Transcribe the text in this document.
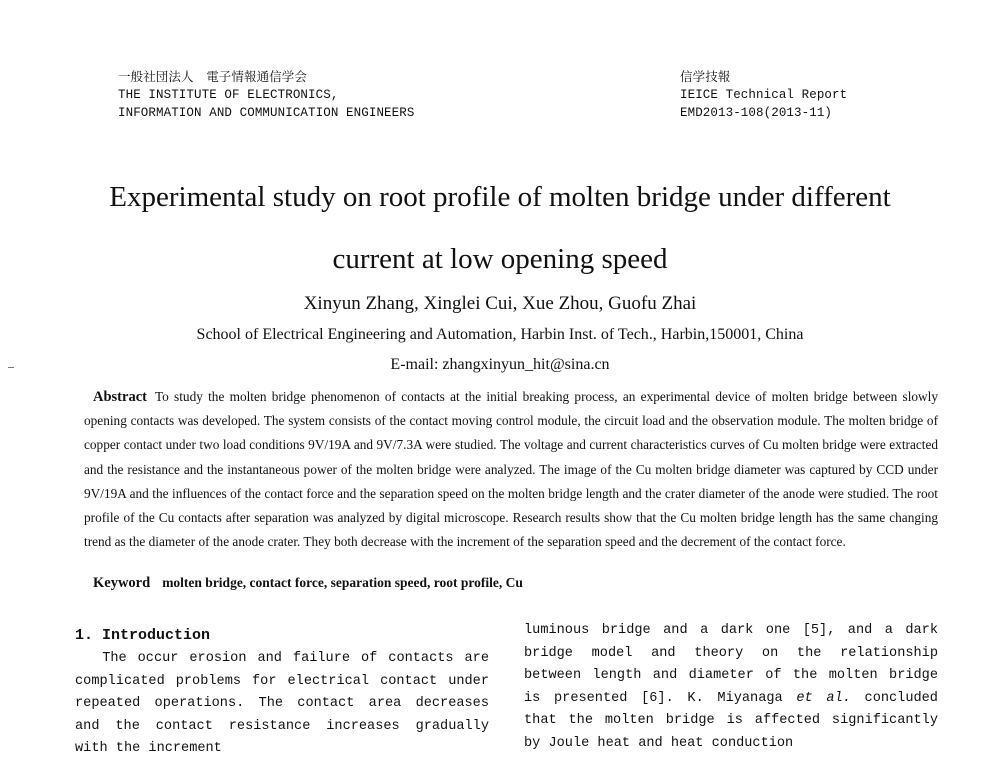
一般社団法人　電子情報通信学会
THE INSTITUTE OF ELECTRONICS,
INFORMATION AND COMMUNICATION ENGINEERS
信学技報
IEICE Technical Report
EMD2013-108(2013-11)
Experimental study on root profile of molten bridge under different
current at low opening speed
Xinyun Zhang, Xinglei Cui, Xue Zhou, Guofu Zhai
School of Electrical Engineering and Automation, Harbin Inst. of Tech., Harbin,150001, China
E-mail: zhangxinyun_hit@sina.cn
Abstract To study the molten bridge phenomenon of contacts at the initial breaking process, an experimental device of molten bridge between slowly opening contacts was developed. The system consists of the contact moving control module, the circuit load and the observation module. The molten bridge of copper contact under two load conditions 9V/19A and 9V/7.3A were studied. The voltage and current characteristics curves of Cu molten bridge were extracted and the resistance and the instantaneous power of the molten bridge were analyzed. The image of the Cu molten bridge diameter was captured by CCD under 9V/19A and the influences of the contact force and the separation speed on the molten bridge length and the crater diameter of the anode were studied. The root profile of the Cu contacts after separation was analyzed by digital microscope. Research results show that the Cu molten bridge length has the same changing trend as the diameter of the anode crater. They both decrease with the increment of the separation speed and the decrement of the contact force.
Keyword molten bridge, contact force, separation speed, root profile, Cu
1. Introduction
The occur erosion and failure of contacts are complicated problems for electrical contact under repeated operations. The contact area decreases and the contact resistance increases gradually with the increment
luminous bridge and a dark one [5], and a dark bridge model and theory on the relationship between length and diameter of the molten bridge is presented [6]. K. Miyanaga et al. concluded that the molten bridge is affected significantly by Joule heat and heat conduction
